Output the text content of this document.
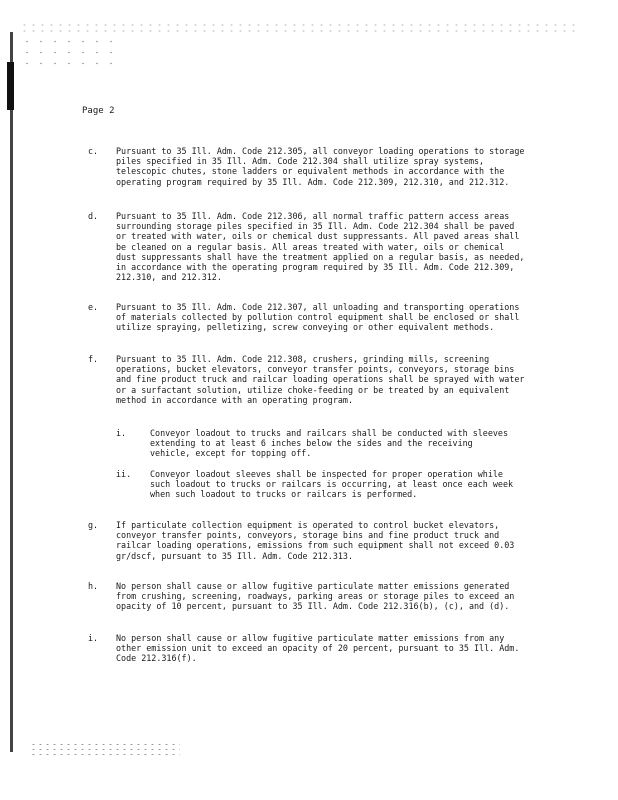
Page 2
c. Pursuant to 35 Ill. Adm. Code 212.305, all conveyor loading operations to storage piles specified in 35 Ill. Adm. Code 212.304 shall utilize spray systems, telescopic chutes, stone ladders or equivalent methods in accordance with the operating program required by 35 Ill. Adm. Code 212.309, 212.310, and 212.312.
d. Pursuant to 35 Ill. Adm. Code 212.306, all normal traffic pattern access areas surrounding storage piles specified in 35 Ill. Adm. Code 212.304 shall be paved or treated with water, oils or chemical dust suppressants. All paved areas shall be cleaned on a regular basis. All areas treated with water, oils or chemical dust suppressants shall have the treatment applied on a regular basis, as needed, in accordance with the operating program required by 35 Ill. Adm. Code 212.309, 212.310, and 212.312.
e. Pursuant to 35 Ill. Adm. Code 212.307, all unloading and transporting operations of materials collected by pollution control equipment shall be enclosed or shall utilize spraying, pelletizing, screw conveying or other equivalent methods.
f. Pursuant to 35 Ill. Adm. Code 212.308, crushers, grinding mills, screening operations, bucket elevators, conveyor transfer points, conveyors, storage bins and fine product truck and railcar loading operations shall be sprayed with water or a surfactant solution, utilize choke-feeding or be treated by an equivalent method in accordance with an operating program.
i.	Conveyor loadout to trucks and railcars shall be conducted with sleeves extending to at least 6 inches below the sides and the receiving vehicle, except for topping off.
ii. Conveyor loadout sleeves shall be inspected for proper operation while such loadout to trucks or railcars is occurring, at least once each week when such loadout to trucks or railcars is performed.
g. If particulate collection equipment is operated to control bucket elevators, conveyor transfer points, conveyors, storage bins and fine product truck and railcar loading operations, emissions from such equipment shall not exceed 0.03 gr/dscf, pursuant to 35 Ill. Adm. Code 212.313.
h. No person shall cause or allow fugitive particulate matter emissions generated from crushing, screening, roadways, parking areas or storage piles to exceed an opacity of 10 percent, pursuant to 35 Ill. Adm. Code 212.316(b), (c), and (d).
i. No person shall cause or allow fugitive particulate matter emissions from any other emission unit to exceed an opacity of 20 percent, pursuant to 35 Ill. Adm. Code 212.316(f).
